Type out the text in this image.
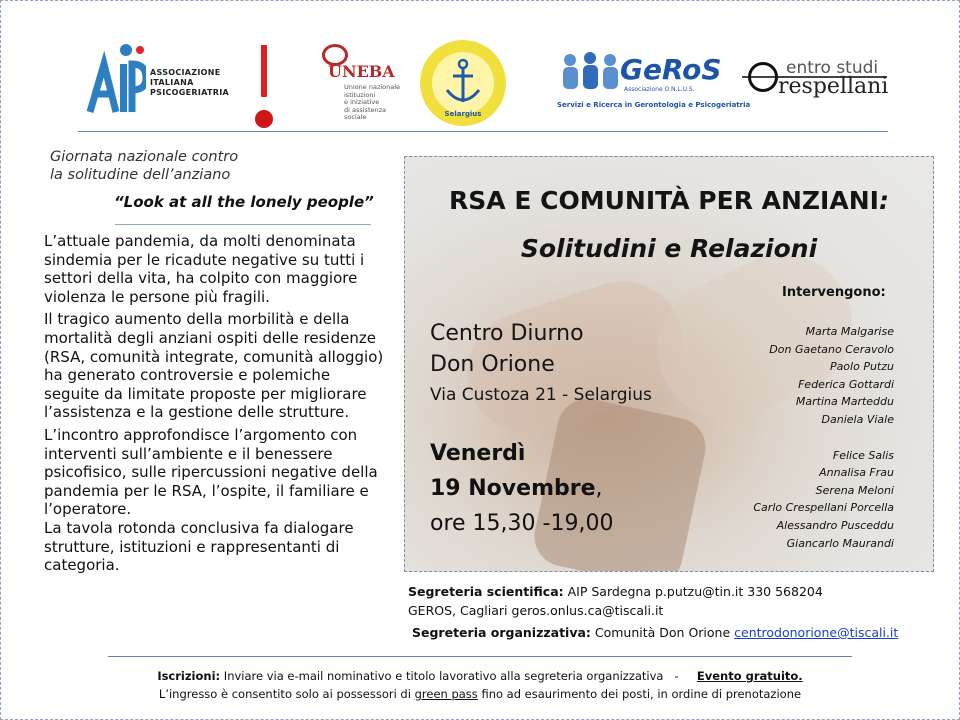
ASSOCIAZIONE
ITALIANA
PSICOGERIATRIA
UNEBA
Unione nazionale
istituzioni
e iniziative
di assistenza
sociale	Selargius
GeRoS
Associazione O.N.L.U.S.
Servizi e Ricerca in Gerontologia e Psicogeriatria
entro studi
respellani
Giornata nazionale contro
la solitudine dell’anziano
“Look at all the lonely people”

L’attuale pandemia, da molti denominata sindemia per le ricadute negative su tutti i settori della vita, ha colpito con maggiore violenza le persone più fragili.

Il tragico aumento della morbilità e della mortalità degli anziani ospiti delle residenze (RSA, comunità integrate, comunità alloggio) ha generato controversie e polemiche seguite da limitate proposte per migliorare l’assistenza e la gestione delle strutture.

L’incontro approfondisce l’argomento con interventi sull’ambiente e il benessere psicofisico, sulle ripercussioni negative della pandemia per le RSA, l’ospite, il familiare e l’operatore.

La tavola rotonda conclusiva fa dialogare strutture, istituzioni e rappresentanti di categoria.

RSA E COMUNITÀ PER ANZIANI:
Solitudini e Relazioni
Intervengono:
Marta Malgarise
Don Gaetano Ceravolo
Paolo Putzu
Federica Gottardi
Martina Marteddu
Daniela Viale
Felice Salis
Annalisa Frau
Serena Meloni
Carlo Crespellani Porcella
Alessandro Pusceddu
Giancarlo Maurandi
Centro Diurno
Don Orione
Via Custoza 21 - Selargius
Venerdì
19 Novembre,
ore 15,30 -19,00
Segreteria scientifica: AIP Sardegna p.putzu@tin.it 330 568204
GEROS, Cagliari geros.onlus.ca@tiscali.it
Segreteria organizzativa: Comunità Don Orione centrodonorione@tiscali.it
Iscrizioni: Inviare via e-mail nominativo e titolo lavorativo alla segreteria organizzativa   -     Evento gratuito.
L’ingresso è consentito solo ai possessori di green pass fino ad esaurimento dei posti, in ordine di prenotazione
